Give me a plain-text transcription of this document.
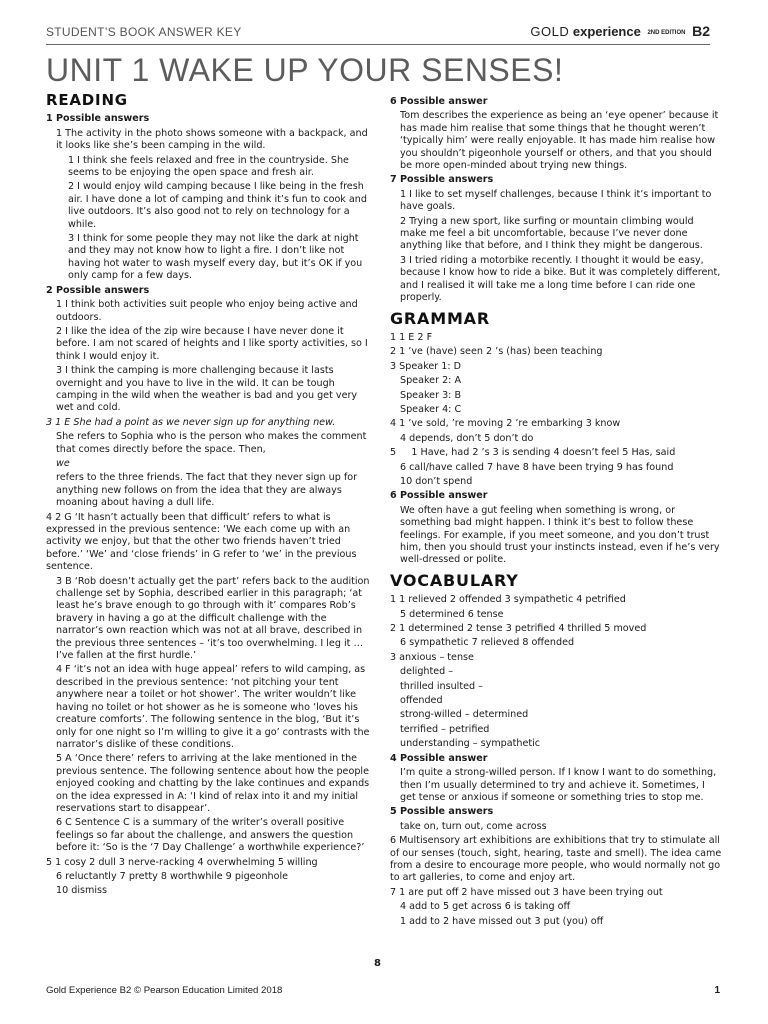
STUDENT’S BOOK ANSWER KEY	GOLD experience 2ND EDITION B2
UNIT 1 WAKE UP YOUR SENSES!
READING
1 Possible answers
1 The activity in the photo shows someone with a backpack, and it looks like she’s been camping in the wild.
1 I think she feels relaxed and free in the countryside. She seems to be enjoying the open space and fresh air.
2 I would enjoy wild camping because I like being in the fresh air. I have done a lot of camping and think it’s fun to cook and live outdoors. It’s also good not to rely on technology for a while.
3 I think for some people they may not like the dark at night and they may not know how to light a fire. I don’t like not having hot water to wash myself every day, but it’s OK if you only camp for a few days.
2 Possible answers
1 I think both activities suit people who enjoy being active and outdoors.
2 I like the idea of the zip wire because I have never done it before. I am not scared of heights and I like sporty activities, so I think I would enjoy it.
3 I think the camping is more challenging because it lasts overnight and you have to live in the wild. It can be tough camping in the wild when the weather is bad and you get very wet and cold.
3 1 E She had a point as we never sign up for anything new.
She refers to Sophia who is the person who makes the comment that comes directly before the space. Then,
we
refers to the three friends. The fact that they never sign up for anything new follows on from the idea that they are always moaning about having a dull life.
4 2 G ‘It hasn’t actually been that difficult’ refers to what is expressed in the previous sentence: ‘We each come up with an activity we enjoy, but that the other two friends haven’t tried before.’ ‘We’ and ‘close friends’ in G refer to ‘we’ in the previous sentence.
3 B ‘Rob doesn’t actually get the part’ refers back to the audition challenge set by Sophia, described earlier in this paragraph; ‘at least he’s brave enough to go through with it’ compares Rob’s bravery in having a go at the difficult challenge with the narrator’s own reaction which was not at all brave, described in the previous three sentences – ‘it’s too overwhelming. I leg it … I’ve fallen at the first hurdle.’
4 F ‘it’s not an idea with huge appeal’ refers to wild camping, as described in the previous sentence: ‘not pitching your tent anywhere near a toilet or hot shower’. The writer wouldn’t like having no toilet or hot shower as he is someone who ‘loves his creature comforts’. The following sentence in the blog, ‘But it’s only for one night so I’m willing to give it a go’ contrasts with the narrator’s dislike of these conditions.
5 A ‘Once there’ refers to arriving at the lake mentioned in the previous sentence. The following sentence about how the people enjoyed cooking and chatting by the lake continues and expands on the idea expressed in A: ‘I kind of relax into it and my initial reservations start to disappear’.
6 C Sentence C is a summary of the writer’s overall positive feelings so far about the challenge, and answers the question before it: ‘So is the ‘7 Day Challenge’ a worthwhile experience?’
5 1 cosy 2 dull 3 nerve-racking 4 overwhelming 5 willing
6 reluctantly 7 pretty 8 worthwhile 9 pigeonhole
10 dismiss
6 Possible answer
Tom describes the experience as being an ‘eye opener’ because it has made him realise that some things that he thought weren’t ‘typically him’ were really enjoyable. It has made him realise how you shouldn’t pigeonhole yourself or others, and that you should be more open-minded about trying new things.
7 Possible answers
1 I like to set myself challenges, because I think it’s important to have goals.
2 Trying a new sport, like surfing or mountain climbing would make me feel a bit uncomfortable, because I’ve never done anything like that before, and I think they might be dangerous.
3 I tried riding a motorbike recently. I thought it would be easy, because I know how to ride a bike. But it was completely different, and I realised it will take me a long time before I can ride one properly.
GRAMMAR
1 1 E 2 F
2 1 ’ve (have) seen 2 ’s (has) been teaching
3 Speaker 1: D
Speaker 2: A
Speaker 3: B
Speaker 4: C
4 1 ’ve sold, ’re moving 2 ’re embarking 3 know
4 depends, don’t 5 don’t do
5     1 Have, had 2 ’s 3 is sending 4 doesn’t feel 5 Has, said
6 call/have called 7 have 8 have been trying 9 has found
10 don’t spend
6 Possible answer
We often have a gut feeling when something is wrong, or something bad might happen. I think it’s best to follow these feelings. For example, if you meet someone, and you don’t trust him, then you should trust your instincts instead, even if he’s very well-dressed or polite.
VOCABULARY
1 1 relieved 2 offended 3 sympathetic 4 petrified
5 determined 6 tense
2 1 determined 2 tense 3 petrified 4 thrilled 5 moved
6 sympathetic 7 relieved 8 offended
3 anxious – tense
delighted –
thrilled insulted –
offended
strong-willed – determined
terrified – petrified
understanding – sympathetic
4 Possible answer
I’m quite a strong-willed person. If I know I want to do something, then I’m usually determined to try and achieve it. Sometimes, I get tense or anxious if someone or something tries to stop me.
5 Possible answers
take on, turn out, come across
6 Multisensory art exhibitions are exhibitions that try to stimulate all of our senses (touch, sight, hearing, taste and smell). The idea came from a desire to encourage more people, who would normally not go to art galleries, to come and enjoy art.
7 1 are put off 2 have missed out 3 have been trying out
4 add to 5 get across 6 is taking off
1 add to 2 have missed out 3 put (you) off
8
Gold Experience B2 © Pearson Education Limited 2018	1
